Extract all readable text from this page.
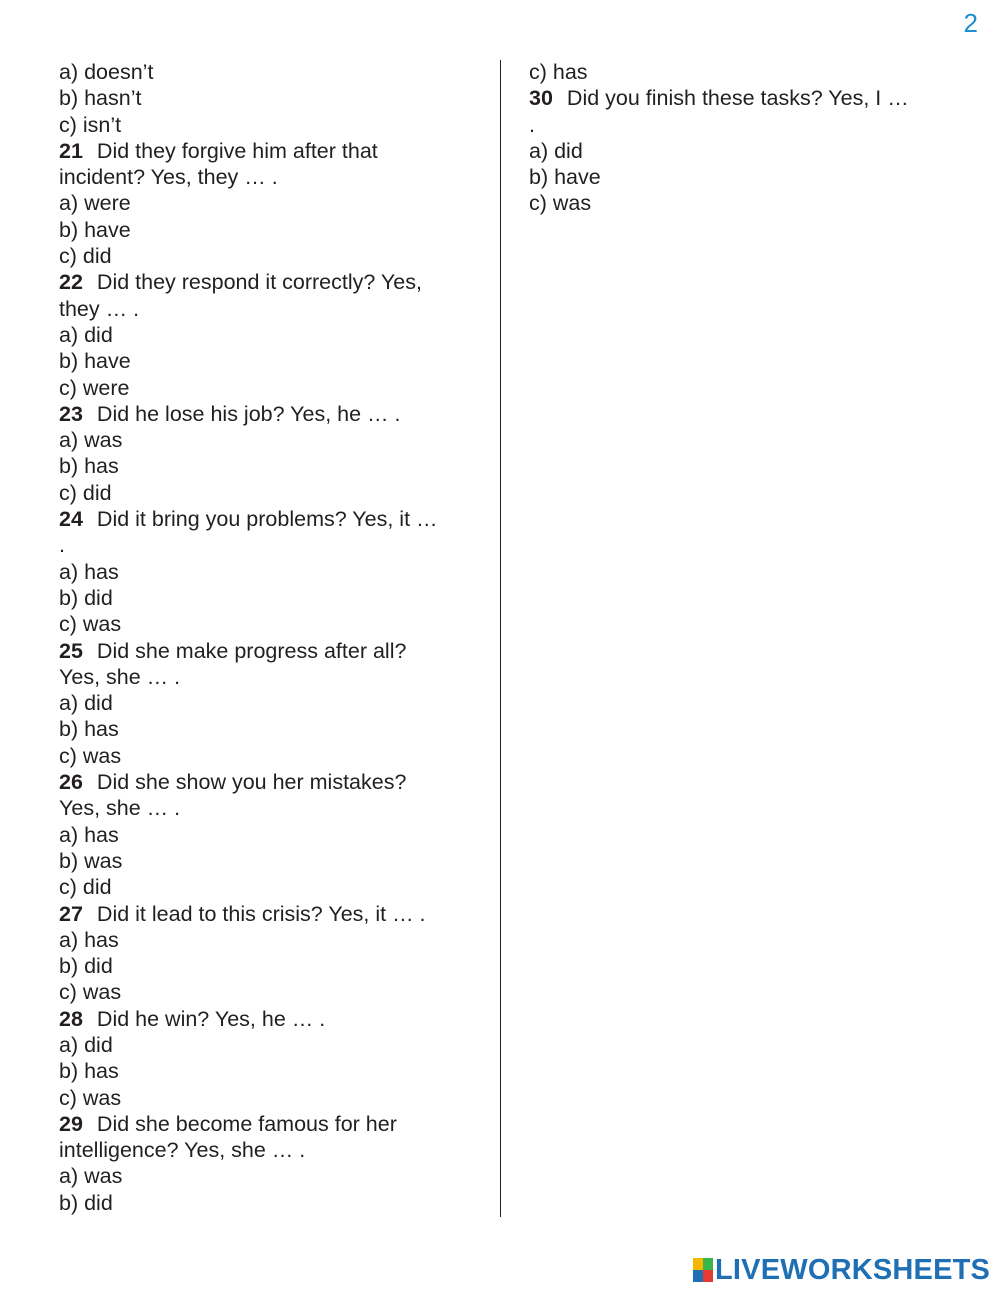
2
a) doesn’t
b) hasn’t
c) isn’t
21 Did they forgive him after that
incident? Yes, they … .
a) were
b) have
c) did
22 Did they respond it correctly? Yes,
they … .
a) did
b) have
c) were
23 Did he lose his job? Yes, he … .
a) was
b) has
c) did
24 Did it bring you problems? Yes, it …
.
a) has
b) did
c) was
25 Did she make progress after all?
Yes, she … .
a) did
b) has
c) was
26 Did she show you her mistakes?
Yes, she … .
a) has
b) was
c) did
27 Did it lead to this crisis? Yes, it … .
a) has
b) did
c) was
28 Did he win? Yes, he … .
a) did
b) has
c) was
29 Did she become famous for her
intelligence? Yes, she … .
a) was
b) did
c) has
30 Did you finish these tasks? Yes, I …
.
a) did
b) have
c) was
LIVEWORKSHEETS
